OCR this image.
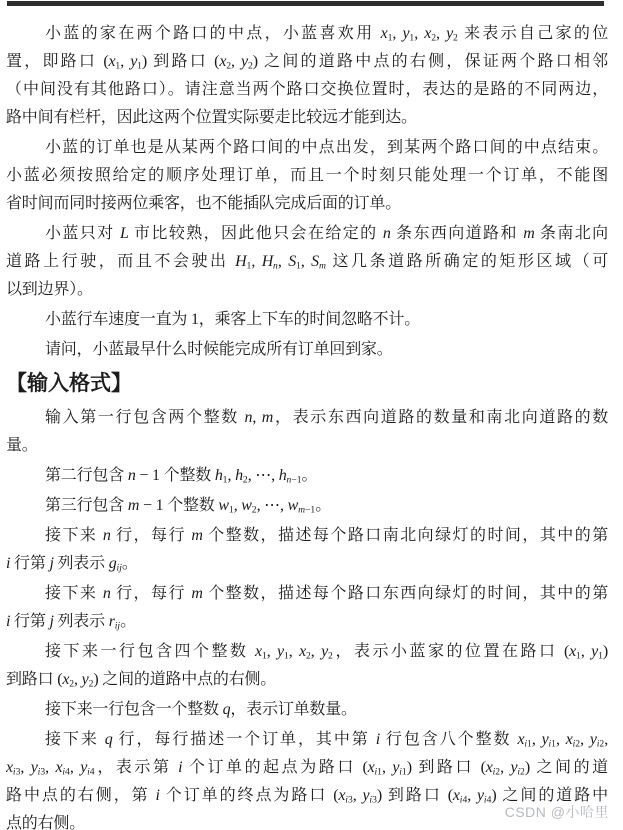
小蓝的家在两个路口的中点，小蓝喜欢用 $x_1$, $y_1$, $x_2$, $y_2$ 来表示自己家的位
置，即路口 ($x_1$, $y_1$) 到路口 ($x_2$, $y_2$) 之间的道路中点的右侧，保证两个路口相邻
（中间没有其他路口）。请注意当两个路口交换位置时，表达的是路的不同两边，
路中间有栏杆，因此这两个位置实际要走比较远才能到达。
小蓝的订单也是从某两个路口间的中点出发，到某两个路口间的中点结束。
小蓝必须按照给定的顺序处理订单，而且一个时刻只能处理一个订单，不能图
省时间而同时接两位乘客，也不能插队完成后面的订单。
小蓝只对 L 市比较熟，因此他只会在给定的 n 条东西向道路和 m 条南北向
道路上行驶，而且不会驶出 $H_1$, $H_n$, $S_1$, $S_m$ 这几条道路所确定的矩形区域（可
以到边界）。
小蓝行车速度一直为 1，乘客上下车的时间忽略不计。
请问，小蓝最早什么时候能完成所有订单回到家。
【输入格式】
输入第一行包含两个整数 n, m，表示东西向道路的数量和南北向道路的数
量。
第二行包含 n − 1 个整数 $h_1$, $h_2$, ⋯, $h_{n-1}$。
第三行包含 m − 1 个整数 $w_1$, $w_2$, ⋯, $w_{m-1}$。
接下来 n 行，每行 m 个整数，描述每个路口南北向绿灯的时间，其中的第
i 行第 j 列表示 $g_{ij}$。
接下来 n 行，每行 m 个整数，描述每个路口东西向绿灯的时间，其中的第
i 行第 j 列表示 $r_{ij}$。
接下来一行包含四个整数 $x_1$, $y_1$, $x_2$, $y_2$，表示小蓝家的位置在路口 ($x_1$, $y_1$)
到路口 ($x_2$, $y_2$) 之间的道路中点的右侧。
接下来一行包含一个整数 q，表示订单数量。
接下来 q 行，每行描述一个订单，其中第 i 行包含八个整数 $x_{i1}$, $y_{i1}$, $x_{i2}$, $y_{i2}$,
$x_{i3}$, $y_{i3}$, $x_{i4}$, $y_{i4}$，表示第 i 个订单的起点为路口 ($x_{i1}$, $y_{i1}$) 到路口 ($x_{i2}$, $y_{i2}$) 之间的道
路中点的右侧，第 i 个订单的终点为路口 ($x_{i3}$, $y_{i3}$) 到路口 ($x_{i4}$, $y_{i4}$) 之间的道路中
点的右侧。
CSDN @小哈里
